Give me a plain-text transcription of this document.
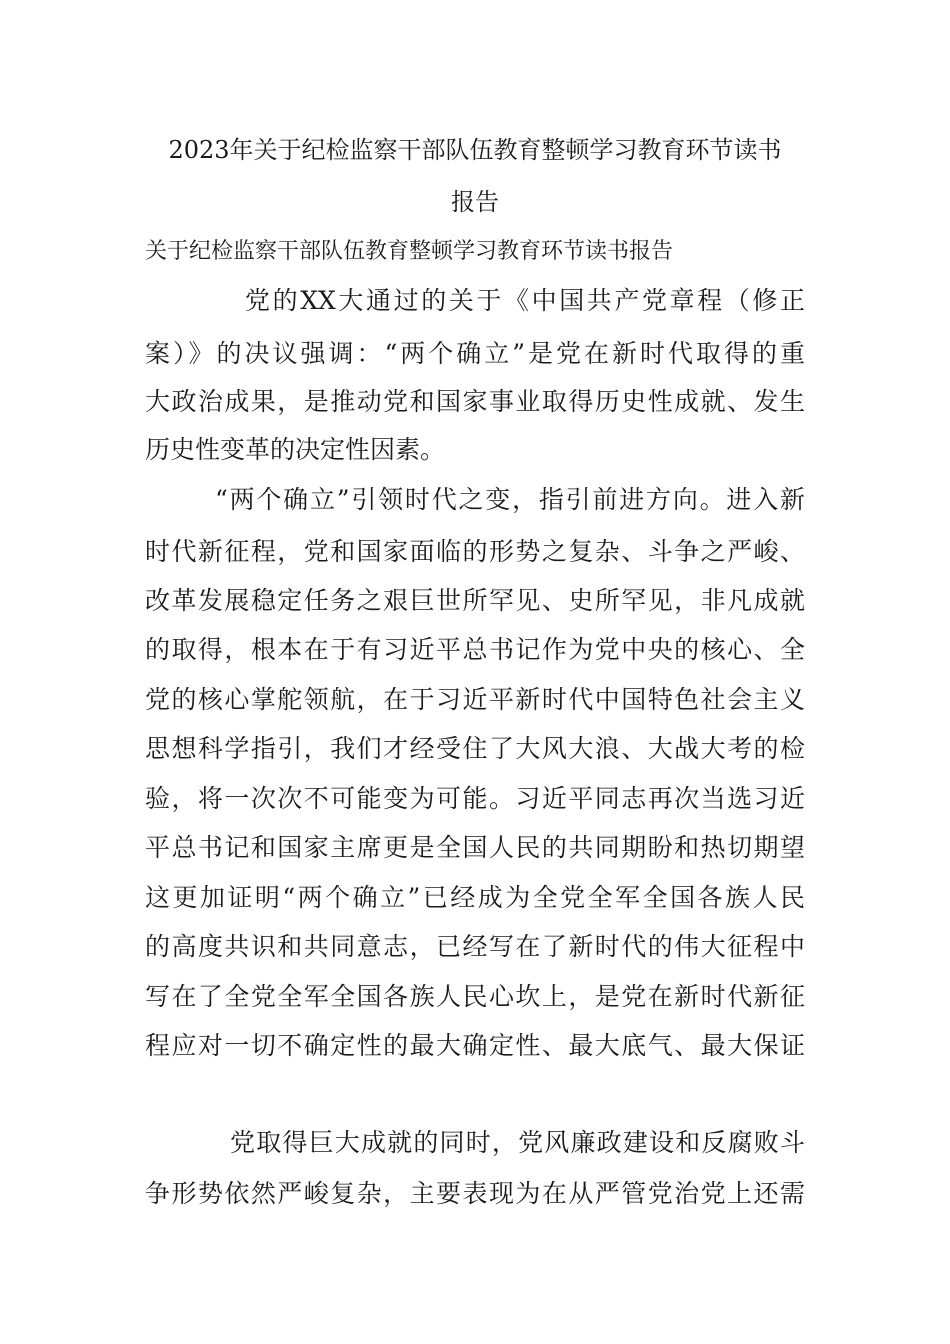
2023年关于纪检监察干部队伍教育整顿学习教育环节读书
报告

关于纪检监察干部队伍教育整顿学习教育环节读书报告

党的XX大通过的关于《中国共产党章程（修正

案）》的决议强调：“两个确立”是党在新时代取得的重

大政治成果，是推动党和国家事业取得历史性成就、发生

历史性变革的决定性因素。

“两个确立”引领时代之变，指引前进方向。进入新

时代新征程，党和国家面临的形势之复杂、斗争之严峻、

改革发展稳定任务之艰巨世所罕见、史所罕见，非凡成就

的取得，根本在于有习近平总书记作为党中央的核心、全

党的核心掌舵领航，在于习近平新时代中国特色社会主义

思想科学指引，我们才经受住了大风大浪、大战大考的检

验，将一次次不可能变为可能。习近平同志再次当选习近

平总书记和国家主席更是全国人民的共同期盼和热切期望

这更加证明“两个确立”已经成为全党全军全国各族人民

的高度共识和共同意志，已经写在了新时代的伟大征程中

写在了全党全军全国各族人民心坎上，是党在新时代新征

程应对一切不确定性的最大确定性、最大底气、最大保证

党取得巨大成就的同时，党风廉政建设和反腐败斗

争形势依然严峻复杂，主要表现为在从严管党治党上还需
